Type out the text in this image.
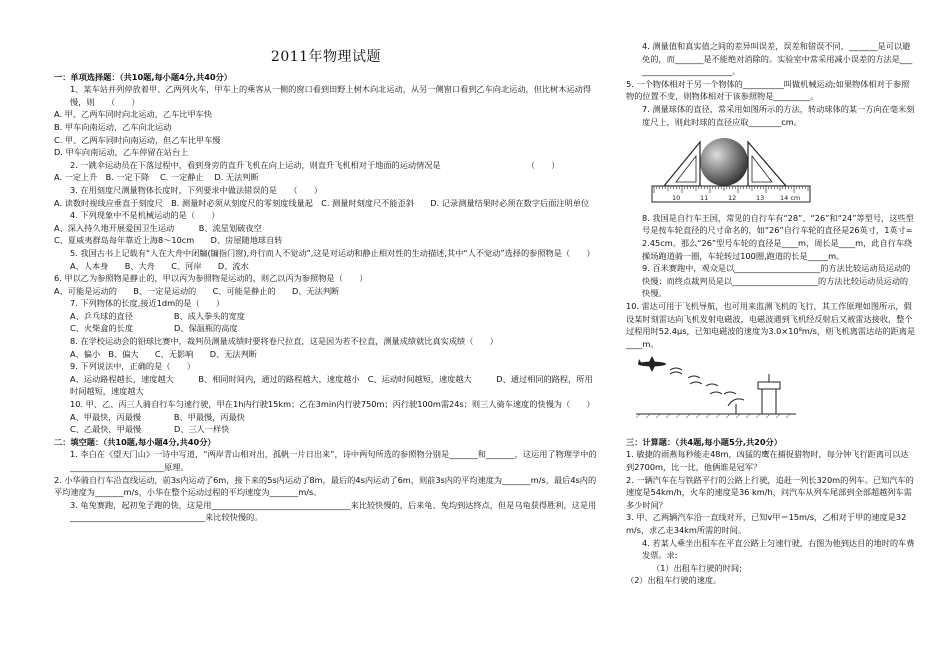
2011年物理试题

一：单项选择题：（共10题,每小题4分,共40分）

1、某车站并列停放着甲、乙两列火车，甲车上的乘客从一侧的窗口看到田野上树木向北运动，从另一侧窗口看到乙车向北运动，但比树木运动得慢，则　　（　　）

A. 甲、乙两车同时向北运动，乙车比甲车快

B. 甲车向南运动，乙车向北运动

C. 甲、乙两车同时向南运动，但乙车比甲车慢

D. 甲车向南运动，乙车停留在站台上

2. 一跳伞运动员在下落过程中，看到身旁的直升飞机在向上运动，则直升飞机相对于地面的运动情况是　　　　　　　　　　　（　　）

A. 一定上升　B. 一定下降　 C. 一定静止　 D. 无法判断

3. 在用刻度尺测量物体长度时，下列要求中做法错误的是　　（　　）

A. 读数时视线应垂直于刻度尺　B. 测量时必须从刻度尺的零刻度线量起　C. 测量时刻度尺不能歪斜　　D. 记录测量结果时必须在数字后面注明单位

4. 下列现象中不是机械运动的是（　　）

A、深入持久地开展爱国卫生运动　　　B、流星划破夜空

C、夏威夷群岛每年靠近上海8～10cm　　D、房屋随地球自转

5. 我国古书上记载有“人在大舟中闭牖(牖指门窗),舟行而人不觉动”,这是对运动和静止相对性的生动描述,其中“人不觉动”选择的参照物是（　　）

A、人本身　　B、大舟　　C、河岸　　D、流水

6. 甲以乙为参照物是静止的，甲以丙为参照物是运动的，则乙以丙为参照物是（　　）

A、可能是运动的　　B、一定是运动的　　C、可能是静止的　　D、无法判断

7. 下列物体的长度,接近1dm的是（　　）

A、乒乓球的直径　　　　　B、成人拳头的宽度

C、火柴盒的长度　　　　　D、保温瓶的高度

8. 在学校运动会的铅球比赛中，裁判员测量成绩时要将卷尺拉直，这是因为若不拉直，测量成绩就比真实成绩（　　）

A、偏小　B、偏大　　C、无影响　　D、无法判断

9. 下列说法中，正确的是（　　）

A、运动路程越长，速度越大　　　B、相同时间内，通过的路程越大，速度越小　C、运动时间越短，速度越大　　　D、通过相同的路程，所用时间越短，速度越大

10. 甲、乙、丙三人骑自行车匀速行驶，甲在1h内行驶15km；乙在3min内行驶750m；丙行驶100m需24s；则三人骑车速度的快慢为（　　）

A、甲最快，丙最慢　　　　B、甲最慢，丙最快

C、乙最快，甲最慢　　　　D、三人一样快

二：填空题：（共10题,每小题4分,共40分）

1. 李白在《望天门山》一诗中写道，“两岸青山相对出，孤帆一片日出来”，诗中两句所选的参照物分别是_______和_______，这运用了物理学中的_______________________原理。

2. 小华骑自行车沿直线运动，前3s内运动了6m，接下来的5s内运动了8m，最后的4s内运动了6m，则前3s内的平均速度为_______m/s，最后4s内的平均速度为_______m/s，小华在整个运动过程的平均速度为_______m/s。

3. 龟兔赛跑，起初兔子跑的快，这是用__________________________________来比较快慢的，后来龟、兔均到达终点，但是乌龟获得胜利，这是用_________________________________来比较快慢的。

4. 测量值和真实值之间的差异叫误差，误差和错误不同，_______是可以避免的，而_______是不能绝对消除的。实验室中常采用减小误差的方法是_________________________。

5. 一个物体相对于另一个物体的__________叫做机械运动;如果物体相对于参照物的位置不变，则物体相对于该参照物是_________。

7. 测量球体的直径，常采用如图所示的方法，转动球体的某一方向在毫米刻度尺上，则此时球的直径应取________cm。

10	11	12	13 14 cm

8. 我国是自行车王国，常见的自行车有“28”、“26”和“24”等型号，这些型号是按车轮直径的尺寸命名的，如“26”自行车轮的直径是26英寸，1英寸=2.45cm。那么“26”型号车轮的直径是____m，周长是____m，此自行车绕操场跑道骑一圈，车轮转过100圈,跑道的长是_____m。

9. 百米赛跑中，观众是以_____________________的方法比较运动员运动的快慢；而终点裁判员是以_____________________的方法比较运动员运动的快慢。

10. 雷达可用于飞机导航，也可用来监测飞机的飞行，其工作原理如图所示，假设某时刻雷达向飞机发射电磁波，电磁波遇到飞机经反射后又被雷达接收，整个过程用时52.4μs，已知电磁波的速度为3.0×10⁸m/s，则飞机离雷达站的距离是____m。

三：计算题：（共4题,每小题5分,共20分）

1. 敏捷的雨燕每秒能走48m，凶猛的鹰在捕捉猎物时，每分钟飞行距离可以达到2700m，比一比，他俩谁是冠军？

2. 一辆汽车在与铁路平行的公路上行驶，追赶一列长320m的列车。已知汽车的速度是54km/h，火车的速度是36 km/h，问汽车从列车尾部到全部超越列车需多少时间？

3. 甲、乙两辆汽车沿一直线对开，已知v甲＝15m/s，乙相对于甲的速度是32m/s，求乙走34km所需的时间。

4. 若某人乘坐出租车在平直公路上匀速行驶，右图为他到达目的地时的车费发票。求:

（1）出租车行驶的时间;

（2）出租车行驶的速度。
